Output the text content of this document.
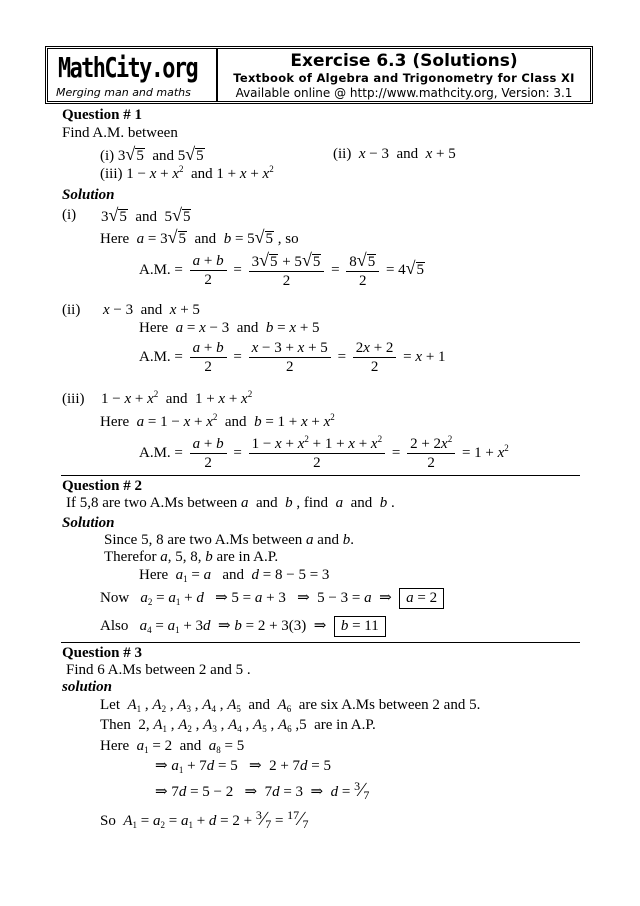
MathCity.org
Merging man and maths
Exercise 6.3 (Solutions)
Textbook of Algebra and Trigonometry for Class XI
Available online @ http://www.mathcity.org, Version: 3.1
Question # 1
Find A.M. between
(i) 3√5  and 5√5	(ii)  x − 3  and  x + 5
(iii) $1 - x + x^2$  and $1 + x + x^2$
Solution
(i) 3√5  and  5√5
Here  a = 3√5  and  b = 5√5 , so
A.M. = $\frac{a + b}{2} = \frac{3√5 + 5√5}{2} = \frac{8√5}{2} = 4√5$
(ii) x − 3  and  x + 5
Here  a = x − 3  and  b = x + 5
A.M. = $\frac{a + b}{2} = \frac{x - 3 + x + 5}{2} = \frac{2x + 2}{2} = x + 1$
(iii) $1 - x + x^2$  and  $1 + x + x^2$
Here  $a = 1 - x + x^2$  and  $b = 1 + x + x^2$
A.M. = $\frac{a + b}{2} = \frac{1 - x + x^2 + 1 + x + x^2}{2} = \frac{2 + 2x^2}{2} = 1 + x^2$
Question # 2
If 5,8 are two A.Ms between a  and  b , find a  and  b .
Solution
Since 5, 8 are two A.Ms between a and b.
Therefor a, 5, 8, b are in A.P.
Here  $a_1 = a$   and  d = 8 − 5 = 3
Now   $a_2 = a_1 + d$   ⇒ 5 = a + 3   ⇒  5 − 3 = a  ⇒  a = 2
Also   $a_4 = a_1 + 3d$  ⇒ b = 2 + 3(3)  ⇒  b = 11
Question # 3
Find 6 A.Ms between 2 and 5 .
solution
Let  $A_1$ , $A_2$ , $A_3$ , $A_4$ , $A_5$  and  $A_6$  are six A.Ms between 2 and 5.
Then  2, $A_1$ , $A_2$ , $A_3$ , $A_4$ , $A_5$ , $A_6$ ,5  are in A.P.
Here  $a_1 = 2$  and  $a_8 = 5$
⇒ $a_1 + 7d = 5$   ⇒  2 + 7d = 5
⇒ 7d = 5 − 2   ⇒  7d = 3  ⇒  $d = ^3∕_7$
So  $A_1 = a_2 = a_1 + d = 2$ + $^3∕_7$ = $^{17}∕_7$
